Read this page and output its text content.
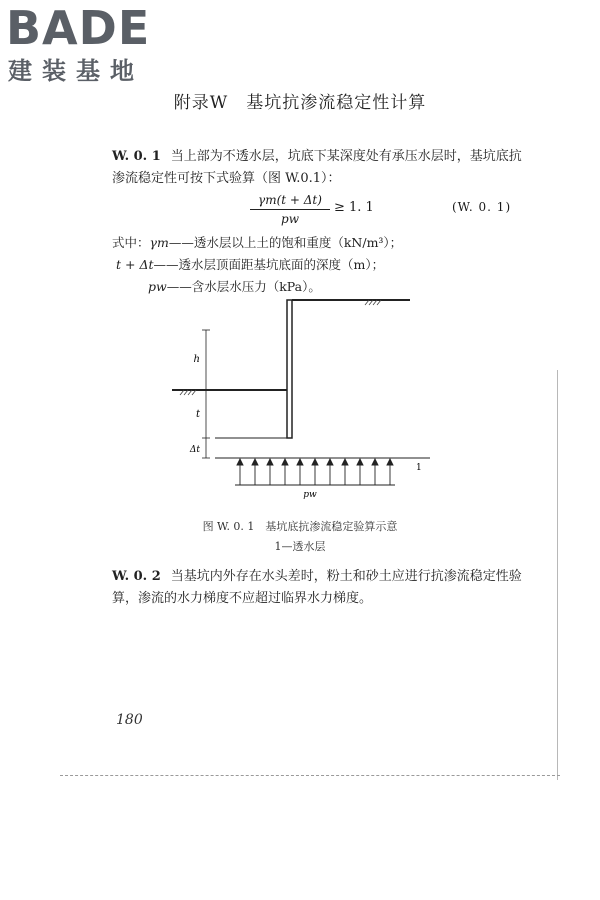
BADE
建装基地
附录W　基坑抗渗流稳定性计算
W. 0. 1 当上部为不透水层，坑底下某深度处有承压水层时，基坑底抗渗流稳定性可按下式验算（图 W.0.1）：
γm(t + Δt)
pw
≥ 1. 1	(W. 0. 1)
式中：γm——透水层以上土的饱和重度（kN/m³）；
t + Δt——透水层顶面距基坑底面的深度（m）；
pw——含水层水压力（kPa）。
h
t
Δt
1
pw
图 W. 0. 1　基坑底抗渗流稳定验算示意
1—透水层
W. 0. 2 当基坑内外存在水头差时，粉土和砂土应进行抗渗流稳定性验算，渗流的水力梯度不应超过临界水力梯度。
180
